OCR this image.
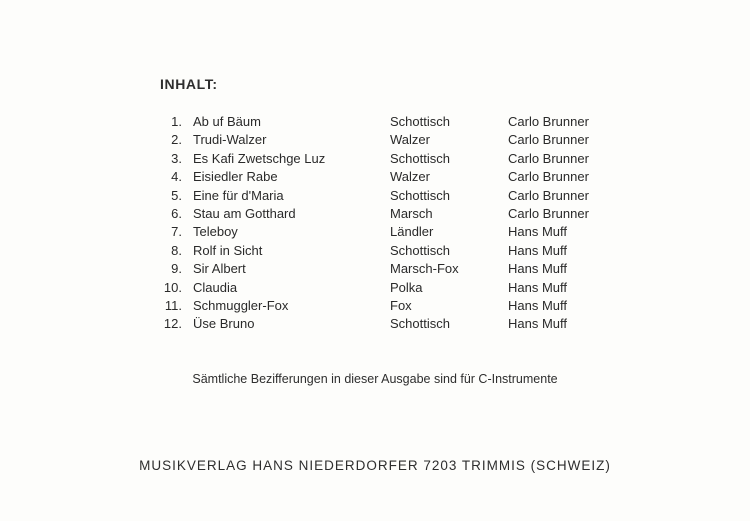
INHALT:
1. Ab uf Bäum	Schottisch	Carlo Brunner
2. Trudi-Walzer	Walzer	Carlo Brunner
3. Es Kafi Zwetschge Luz	Schottisch	Carlo Brunner
4. Eisiedler Rabe	Walzer	Carlo Brunner
5. Eine für d'Maria	Schottisch	Carlo Brunner
6. Stau am Gotthard	Marsch	Carlo Brunner
7. Teleboy	Ländler	Hans Muff
8. Rolf in Sicht	Schottisch	Hans Muff
9. Sir Albert	Marsch-Fox	Hans Muff
10. Claudia	Polka	Hans Muff
11. Schmuggler-Fox	Fox	Hans Muff
12. Üse Bruno	Schottisch	Hans Muff
Sämtliche Bezifferungen in dieser Ausgabe sind für C-Instrumente
MUSIKVERLAG HANS NIEDERDORFER 7203 TRIMMIS (SCHWEIZ)
